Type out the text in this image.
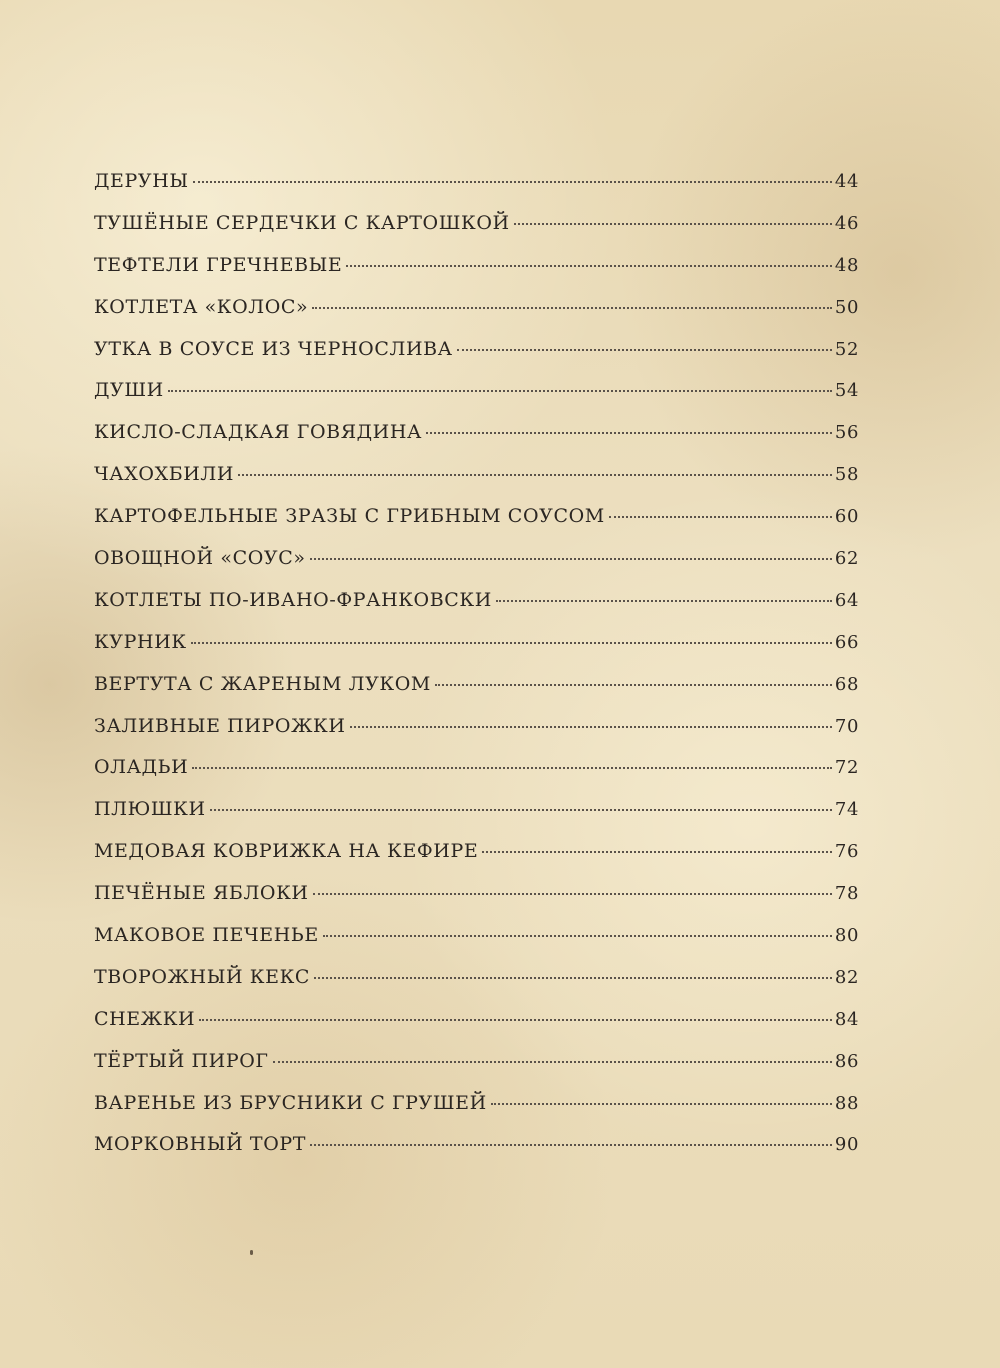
ДЕРУНЫ	44
ТУШЁНЫЕ СЕРДЕЧКИ С КАРТОШКОЙ	46
ТЕФТЕЛИ ГРЕЧНЕВЫЕ	48
КОТЛЕТА «КОЛОС»	50
УТКА В СОУСЕ ИЗ ЧЕРНОСЛИВА	52
ДУШИ	54
КИСЛО-СЛАДКАЯ ГОВЯДИНА	56
ЧАХОХБИЛИ	58
КАРТОФЕЛЬНЫЕ ЗРАЗЫ С ГРИБНЫМ СОУСОМ	60
ОВОЩНОЙ «СОУС»	62
КОТЛЕТЫ ПО-ИВАНО-ФРАНКОВСКИ	64
КУРНИК	66
ВЕРТУТА С ЖАРЕНЫМ ЛУКОМ	68
ЗАЛИВНЫЕ ПИРОЖКИ	70
ОЛАДЬИ	72
ПЛЮШКИ	74
МЕДОВАЯ КОВРИЖКА НА КЕФИРЕ	76
ПЕЧЁНЫЕ ЯБЛОКИ	78
МАКОВОЕ ПЕЧЕНЬЕ	80
ТВОРОЖНЫЙ КЕКС	82
СНЕЖКИ	84
ТЁРТЫЙ ПИРОГ	86
ВАРЕНЬЕ ИЗ БРУСНИКИ С ГРУШЕЙ	88
МОРКОВНЫЙ ТОРТ	90
